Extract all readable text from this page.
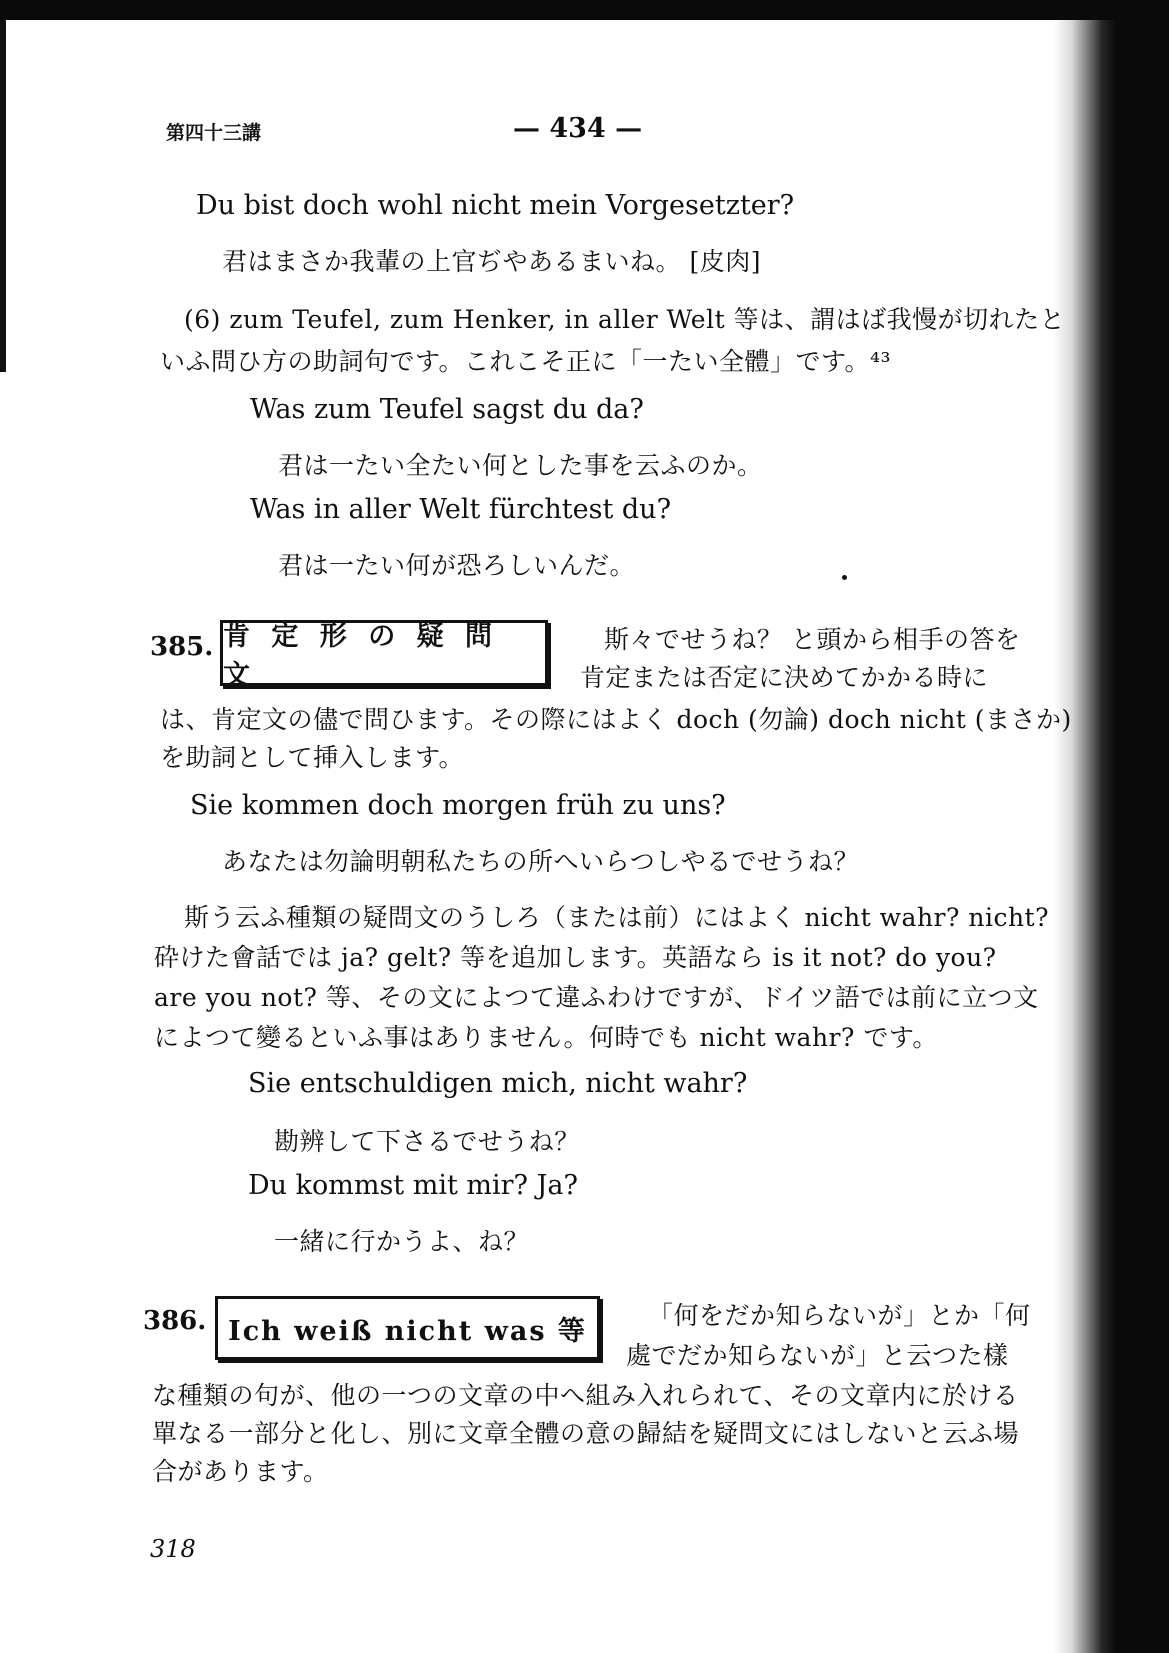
第四十三講	— 434 —
Du bist doch wohl nicht mein Vorgesetzter?
君はまさか我輩の上官ぢやあるまいね。 [皮肉]
(6) zum Teufel, zum Henker, in aller Welt 等は、謂はば我慢が切れたと
いふ問ひ方の助詞句です。これこそ正に「一たい全體」です。⁴³
Was zum Teufel sagst du da?
君は一たい全たい何とした事を云ふのか。
Was in aller Welt fürchtest du?
君は一たい何が恐ろしいんだ。
385. 肯 定 形 の 疑 問 文
斯々でせうね？ と頭から相手の答を
肯定または否定に決めてかかる時に
は、肯定文の儘で問ひます。その際にはよく doch (勿論) doch nicht (まさか)
を助詞として挿入します。
Sie kommen doch morgen früh zu uns?
あなたは勿論明朝私たちの所へいらつしやるでせうね？
斯う云ふ種類の疑問文のうしろ（または前）にはよく nicht wahr? nicht?
砕けた會話では ja? gelt? 等を追加します。英語なら is it not? do you?
are you not? 等、その文によつて違ふわけですが、ドイツ語では前に立つ文
によつて變るといふ事はありません。何時でも nicht wahr? です。
Sie entschuldigen mich, nicht wahr?
勘辨して下さるでせうね？
Du kommst mit mir? Ja?
一緒に行かうよ、ね？
386. Ich weiß nicht was 等 「何をだか知らないが」とか「何
處でだか知らないが」と云つた樣
な種類の句が、他の一つの文章の中へ組み入れられて、その文章内に於ける
單なる一部分と化し、別に文章全體の意の歸結を疑問文にはしないと云ふ場
合があります。
318
